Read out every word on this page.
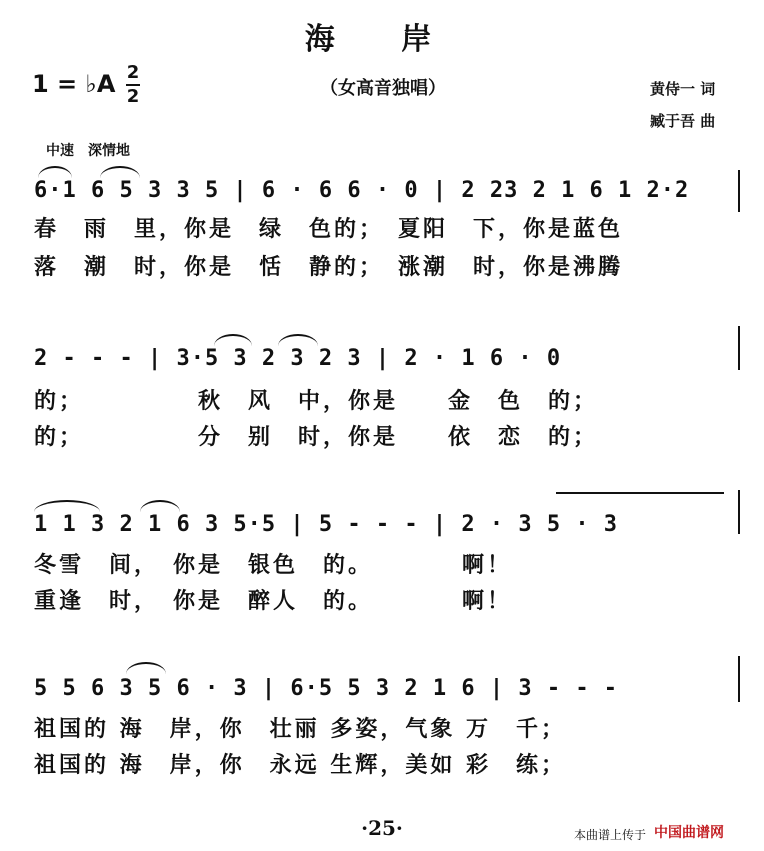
海 岸
1 = ♭A 2
2	（女高音独唱）	黄侍一 词
臧于吾 曲
中速　深情地
6·1 6 5 3 3 5 | 6 · 6 6 · 0 | 2 23 2 1 6 1 2·2
春　雨　里，你是　绿　色的；　夏阳　下，你是蓝色
落　潮　时，你是　恬　静的；　涨潮　时，你是沸腾
2 - - - | 3·5 3 2 3 2 3 | 2 · 1 6 · 0
的；　　　　　秋　风　中，你是　　金　色　的；
的；　　　　　分　别　时，你是　　依　恋　的；
1 1 3 2 1 6 3 5·5 | 5 - - - | 2 · 3 5 · 3
冬雪　间，　你是　银色　的。　　　　啊！
重逢　时，　你是　醉人　的。　　　　啊！
5 5 6 3 5 6 · 3 | 6·5 5 3 2 1 6 | 3 - - -
祖国的 海　岸，你　壮丽 多姿，气象 万　千；
祖国的 海　岸，你　永远 生辉，美如 彩　练；
·25·	本曲谱上传于 中国曲谱网
